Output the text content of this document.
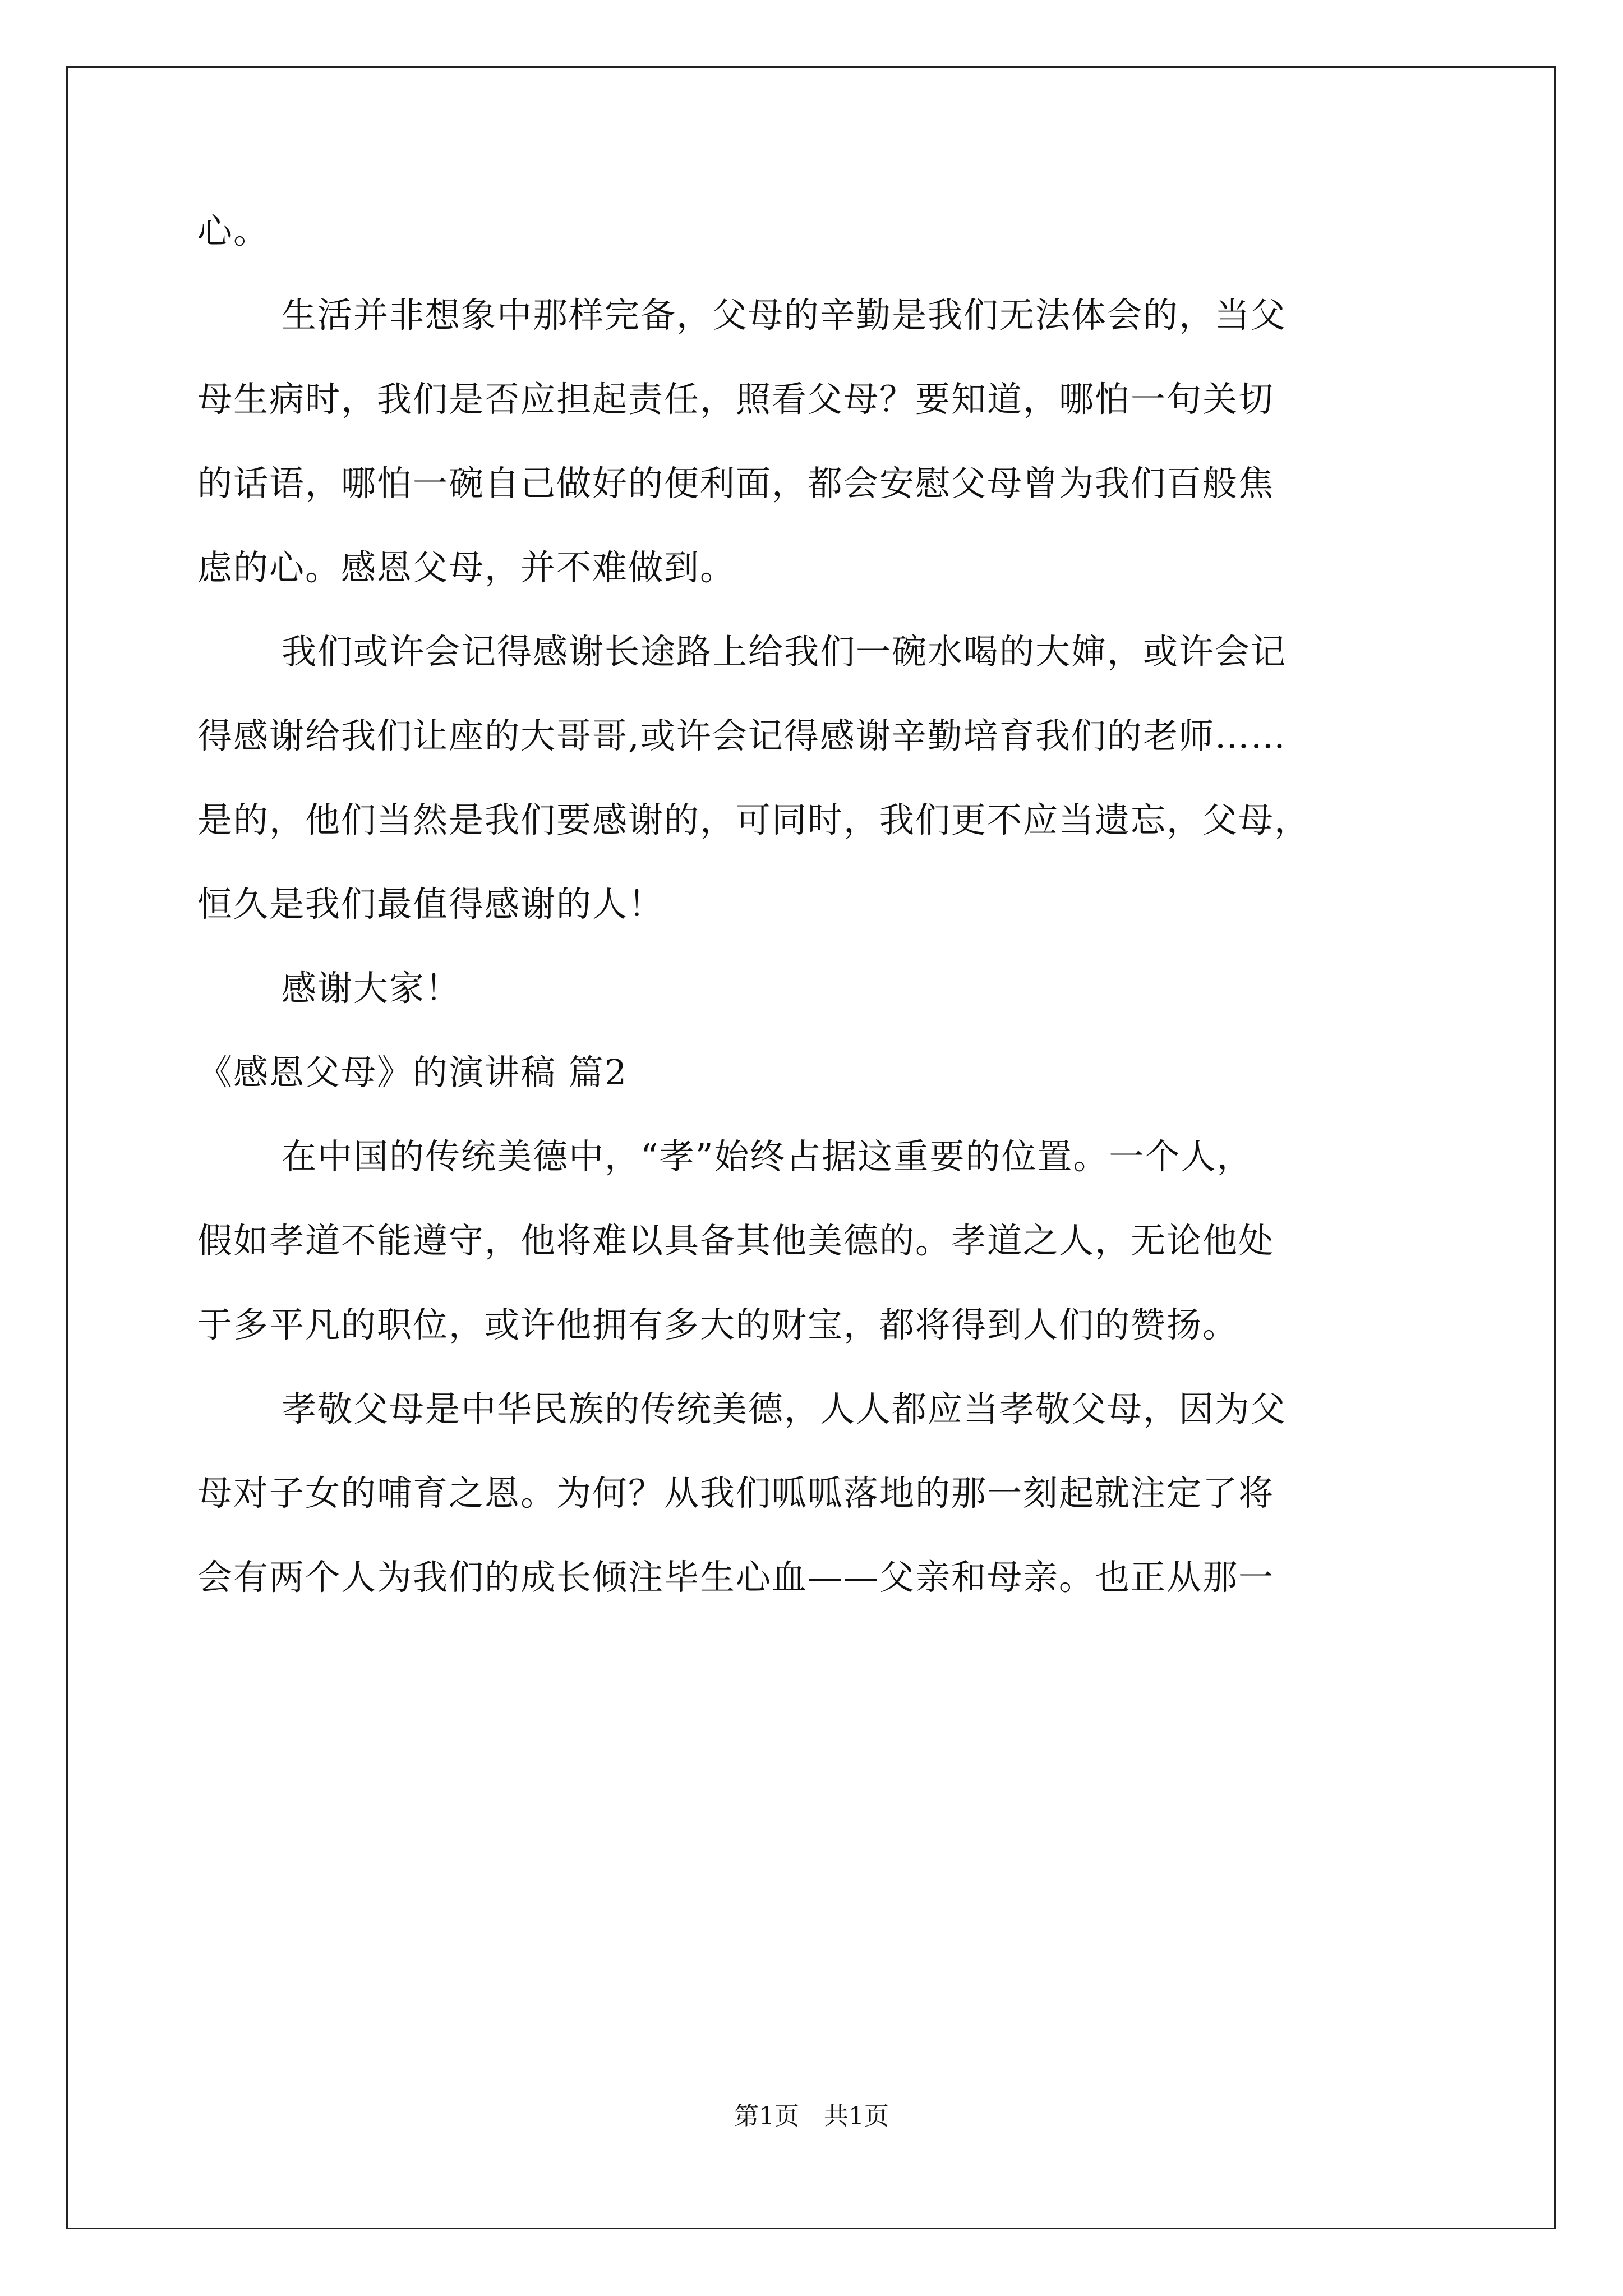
心。
生活并非想象中那样完备，父母的辛勤是我们无法体会的，当父
母生病时，我们是否应担起责任，照看父母？要知道，哪怕一句关切
的话语，哪怕一碗自己做好的便利面，都会安慰父母曾为我们百般焦
虑的心。感恩父母，并不难做到。
我们或许会记得感谢长途路上给我们一碗水喝的大婶，或许会记
得感谢给我们让座的大哥哥,或许会记得感谢辛勤培育我们的老师……
是的，他们当然是我们要感谢的，可同时，我们更不应当遗忘，父母，
恒久是我们最值得感谢的人！
感谢大家！
《感恩父母》的演讲稿 篇2
在中国的传统美德中，“孝”始终占据这重要的位置。一个人，
假如孝道不能遵守，他将难以具备其他美德的。孝道之人，无论他处
于多平凡的职位，或许他拥有多大的财宝，都将得到人们的赞扬。
孝敬父母是中华民族的传统美德，人人都应当孝敬父母，因为父
母对子女的哺育之恩。为何？从我们呱呱落地的那一刻起就注定了将
会有两个人为我们的成长倾注毕生心血——父亲和母亲。也正从那一
第1页　共1页
